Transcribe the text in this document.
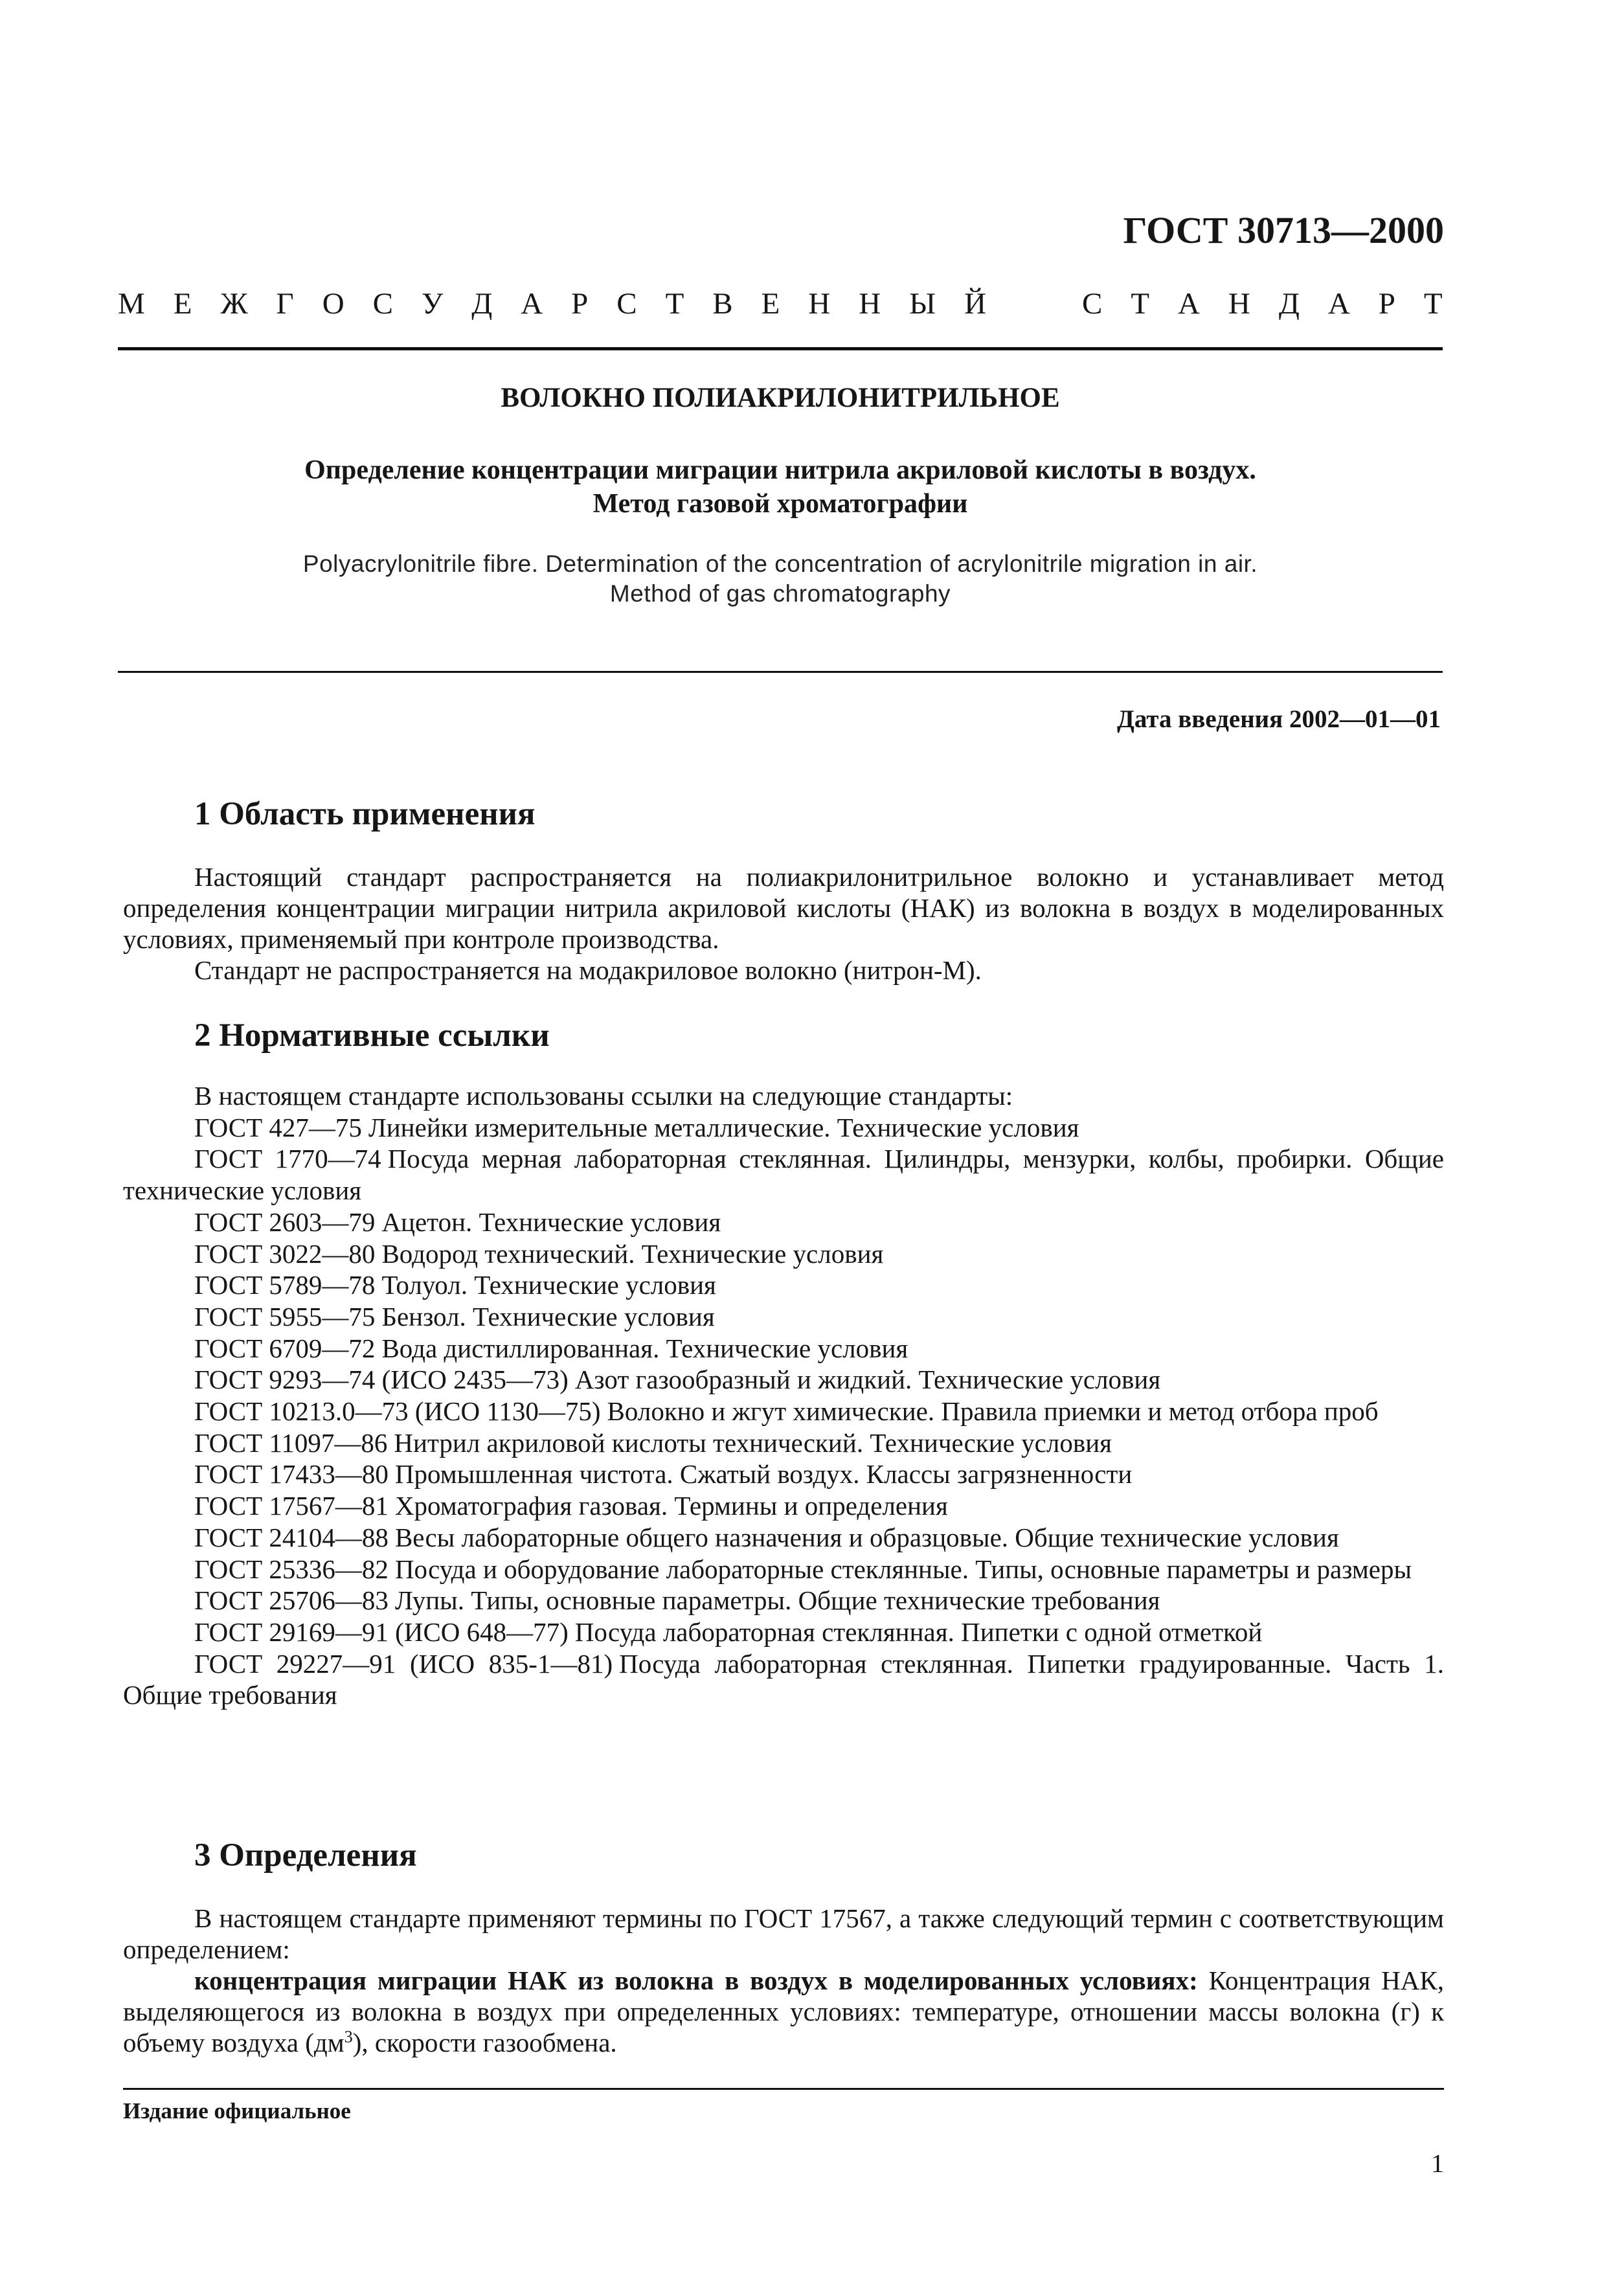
ГОСТ 30713—2000
М Е Ж Г О С У Д А Р С Т В Е Н Н Ы Й	С Т А Н Д А Р Т
ВОЛОКНО ПОЛИАКРИЛОНИТРИЛЬНОЕ
Определение концентрации миграции нитрила акриловой кислоты в воздух.
Метод газовой хроматографии
Polyacrylonitrile fibre. Determination of the concentration of acrylonitrile migration in air.
Method of gas chromatography
Дата введения 2002—01—01
1 Область применения

Настоящий стандарт распространяется на полиакрилонитрильное волокно и устанавливает метод определения концентрации миграции нитрила акриловой кислоты (НАК) из волокна в воздух в моделированных условиях, применяемый при контроле производства.

Стандарт не распространяется на модакриловое волокно (нитрон-М).
2 Нормативные ссылки

В настоящем стандарте использованы ссылки на следующие стандарты:

ГОСТ 427—75 Линейки измерительные металлические. Технические условия

ГОСТ 1770—74 Посуда мерная лабораторная стеклянная. Цилиндры, мензурки, колбы, пробирки. Общие технические условия

ГОСТ 2603—79 Ацетон. Технические условия

ГОСТ 3022—80 Водород технический. Технические условия

ГОСТ 5789—78 Толуол. Технические условия

ГОСТ 5955—75 Бензол. Технические условия

ГОСТ 6709—72 Вода дистиллированная. Технические условия

ГОСТ 9293—74 (ИСО 2435—73) Азот газообразный и жидкий. Технические условия

ГОСТ 10213.0—73 (ИСО 1130—75) Волокно и жгут химические. Правила приемки и метод отбора проб

ГОСТ 11097—86 Нитрил акриловой кислоты технический. Технические условия

ГОСТ 17433—80 Промышленная чистота. Сжатый воздух. Классы загрязненности

ГОСТ 17567—81 Хроматография газовая. Термины и определения

ГОСТ 24104—88 Весы лабораторные общего назначения и образцовые. Общие технические условия

ГОСТ 25336—82 Посуда и оборудование лабораторные стеклянные. Типы, основные параметры и размеры

ГОСТ 25706—83 Лупы. Типы, основные параметры. Общие технические требования

ГОСТ 29169—91 (ИСО 648—77) Посуда лабораторная стеклянная. Пипетки с одной отметкой

ГОСТ 29227—91 (ИСО 835-1—81) Посуда лабораторная стеклянная. Пипетки градуированные. Часть 1. Общие требования

3 Определения

В настоящем стандарте применяют термины по ГОСТ 17567, а также следующий термин с соответствующим определением:

концентрация миграции НАК из волокна в воздух в моделированных условиях: Концентрация НАК, выделяющегося из волокна в воздух при определенных условиях: температуре, отношении массы волокна (г) к объему воздуха $(дм^3)$, скорости газообмена.

Издание официальное
1
